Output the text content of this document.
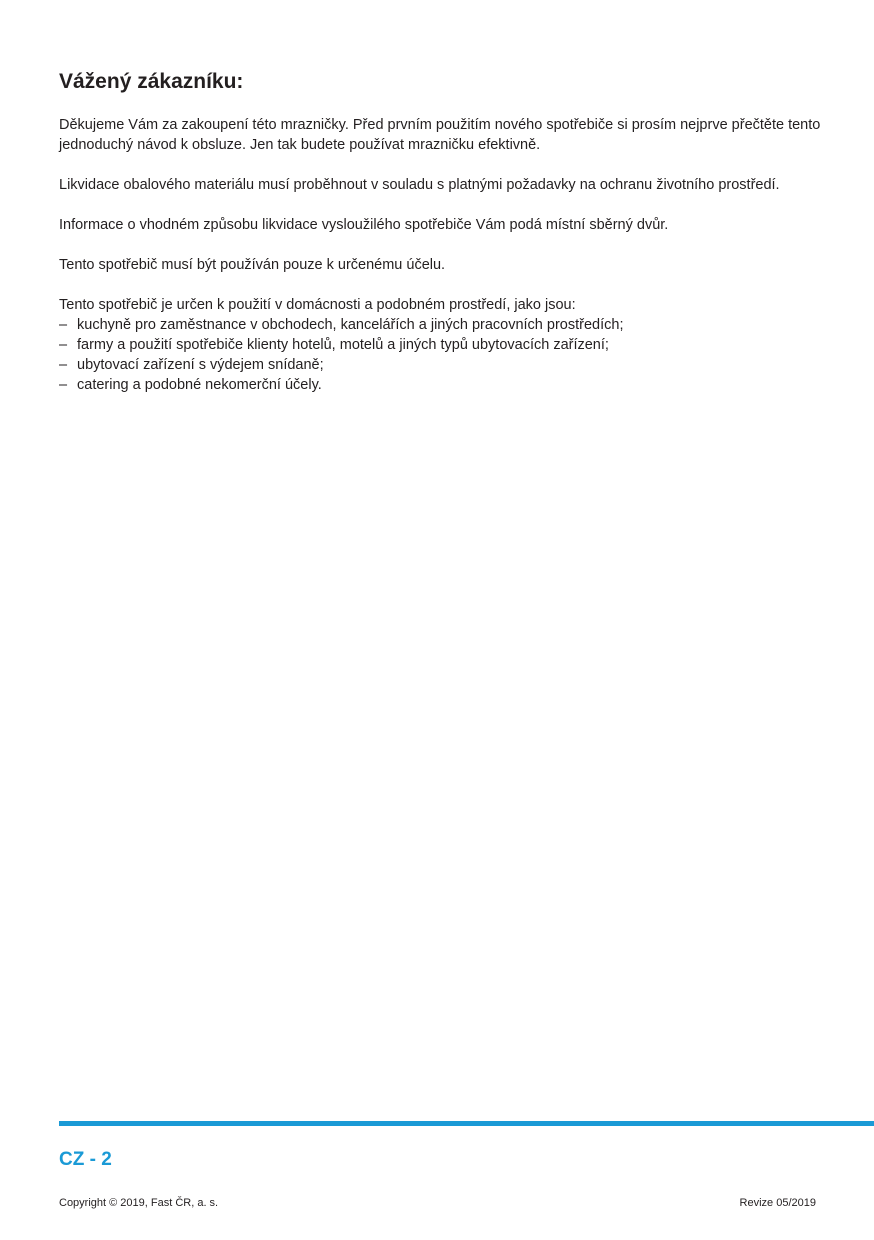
Vážený zákazníku:

Děkujeme Vám za zakoupení této mrazničky. Před prvním použitím nového spotřebiče si prosím nejprve přečtěte tento jednoduchý návod k obsluze. Jen tak budete používat mrazničku efektivně.

Likvidace obalového materiálu musí proběhnout v souladu s platnými požadavky na ochranu životního prostředí.

Informace o vhodném způsobu likvidace vysloužilého spotřebiče Vám podá místní sběrný dvůr.

Tento spotřebič musí být používán pouze k určenému účelu.

Tento spotřebič je určen k použití v domácnosti a podobném prostředí, jako jsou:
– kuchyně pro zaměstnance v obchodech, kancelářích a jiných pracovních prostředích;
– farmy a použití spotřebiče klienty hotelů, motelů a jiných typů ubytovacích zařízení;
– ubytovací zařízení s výdejem snídaně;
– catering a podobné nekomerční účely.
CZ - 2
Copyright © 2019, Fast ČR, a. s.	Revize 05/2019
